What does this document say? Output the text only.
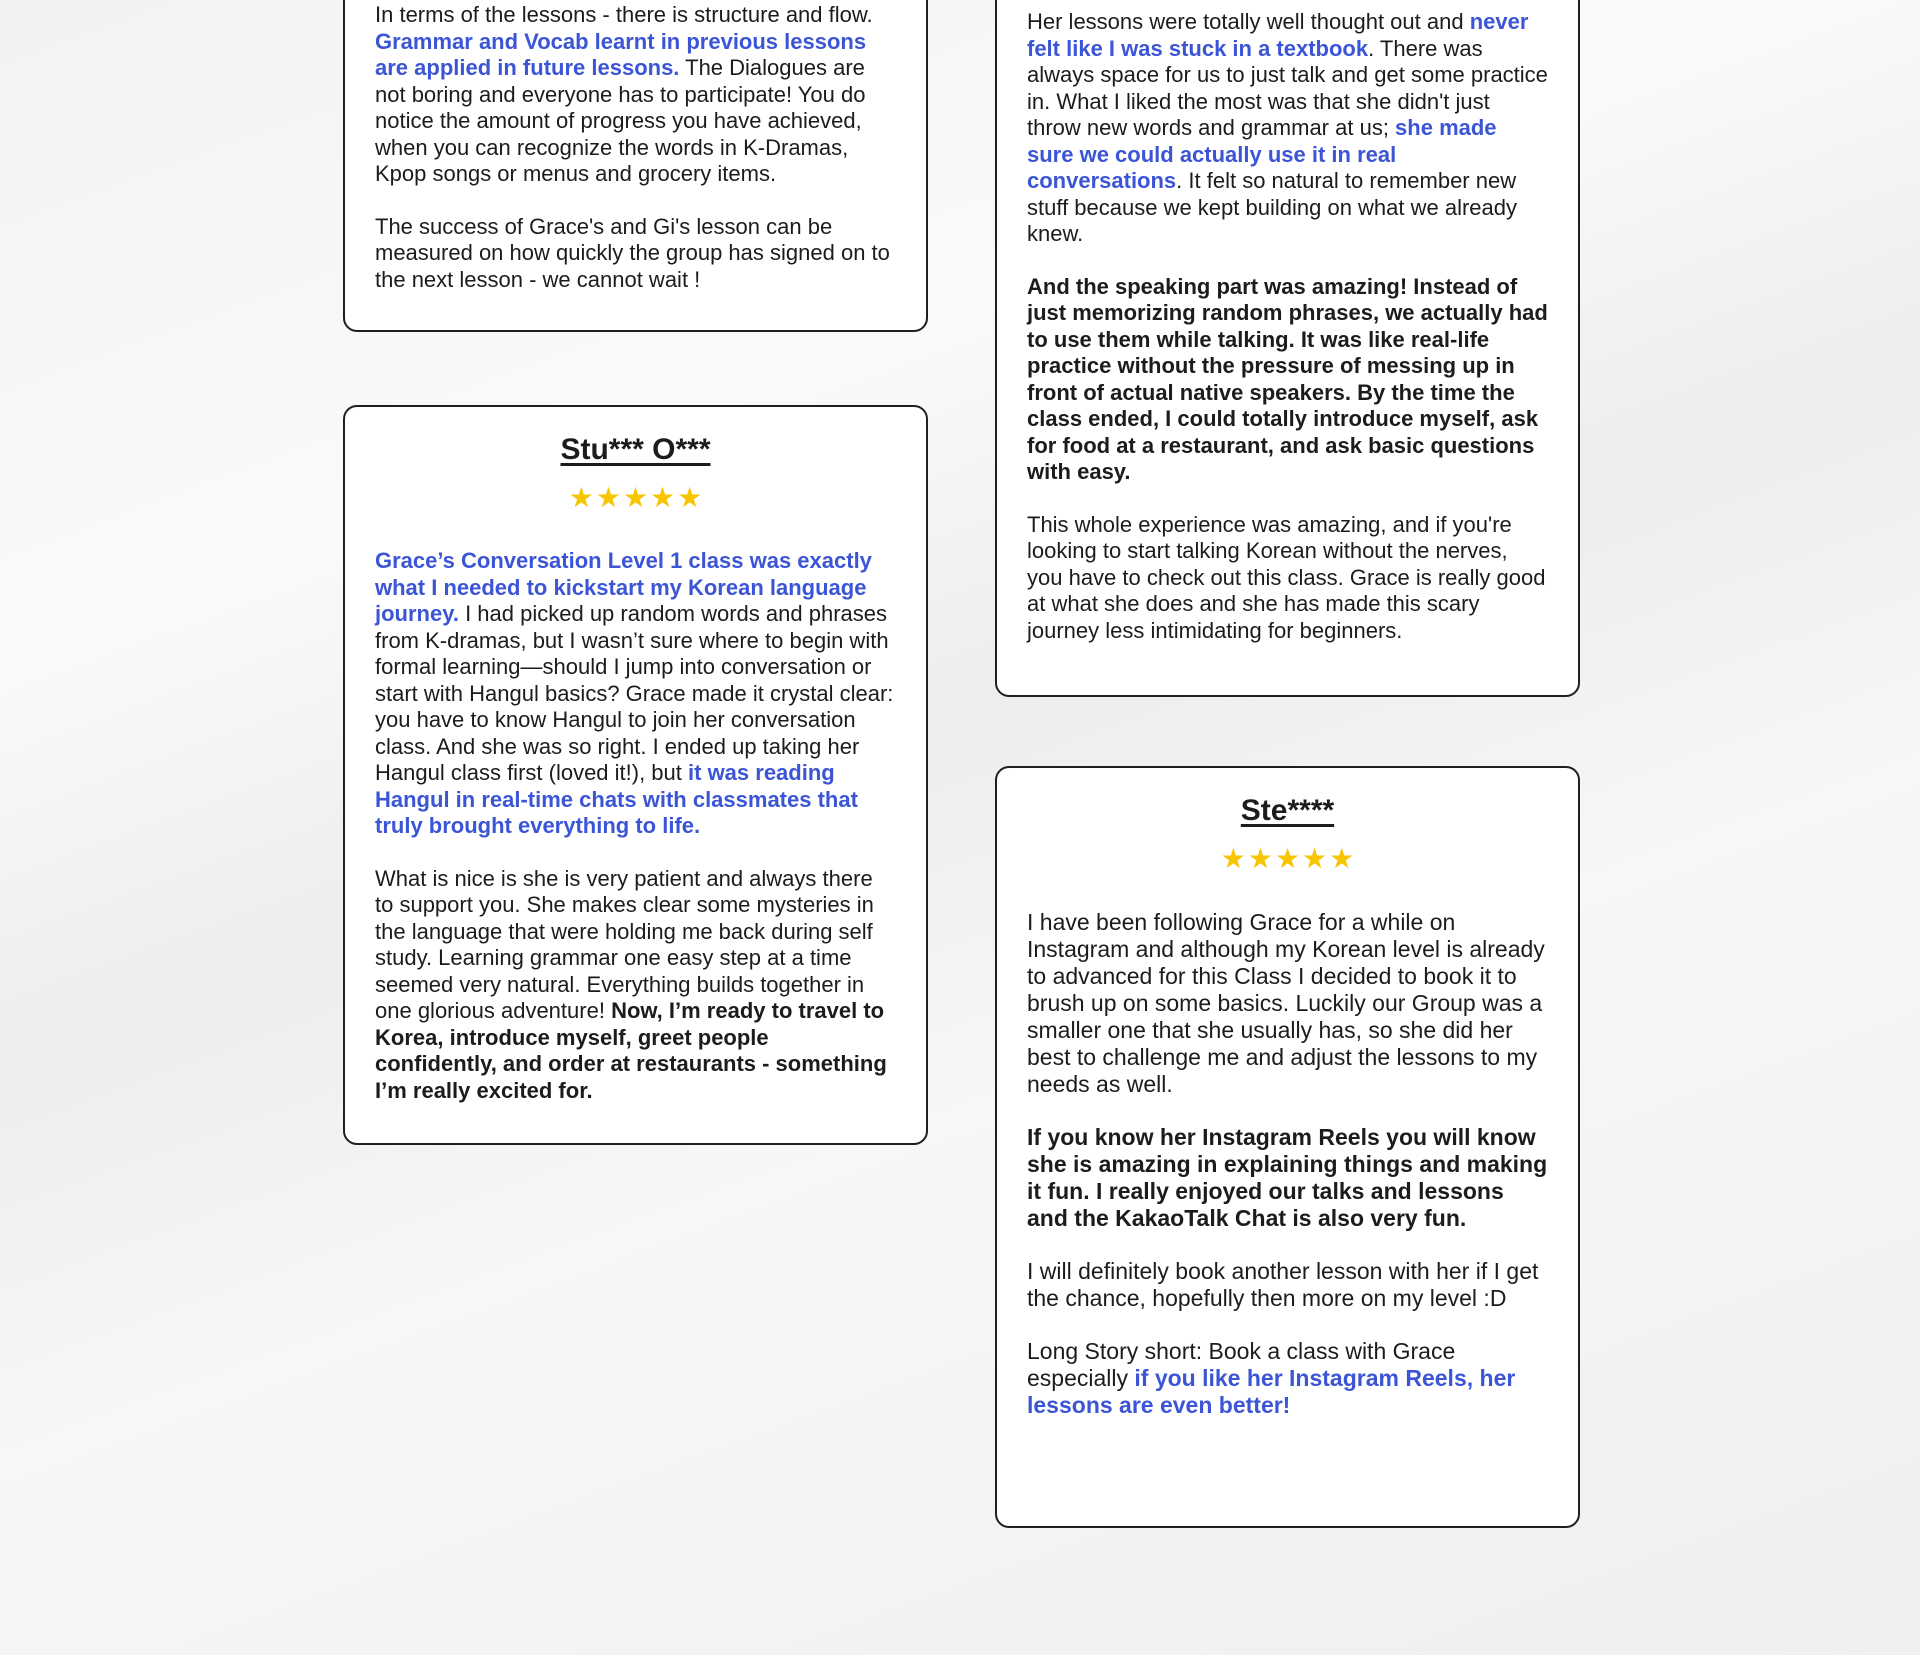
In terms of the lessons - there is structure and flow. Grammar and Vocab learnt in previous lessons are applied in future lessons. The Dialogues are not boring and everyone has to participate! You do notice the amount of progress you have achieved, when you can recognize the words in K-Dramas, Kpop songs or menus and grocery items.

The success of Grace's and Gi's lesson can be measured on how quickly the group has signed on to the next lesson - we cannot wait !

Stu*** O***
★★★★★

Grace’s Conversation Level 1 class was exactly what I needed to kickstart my Korean language journey. I had picked up random words and phrases from K-dramas, but I wasn’t sure where to begin with formal learning—should I jump into conversation or start with Hangul basics? Grace made it crystal clear: you have to know Hangul to join her conversation class. And she was so right. I ended up taking her Hangul class first (loved it!), but it was reading Hangul in real-time chats with classmates that truly brought everything to life.

What is nice is she is very patient and always there to support you. She makes clear some mysteries in the language that were holding me back during self study. Learning grammar one easy step at a time seemed very natural. Everything builds together in one glorious adventure! Now, I’m ready to travel to Korea, introduce myself, greet people confidently, and order at restaurants - something I’m really excited for.

Her lessons were totally well thought out and never felt like I was stuck in a textbook. There was always space for us to just talk and get some practice in. What I liked the most was that she didn't just throw new words and grammar at us; she made sure we could actually use it in real conversations. It felt so natural to remember new stuff because we kept building on what we already knew.

And the speaking part was amazing! Instead of just memorizing random phrases, we actually had to use them while talking. It was like real-life practice without the pressure of messing up in front of actual native speakers. By the time the class ended, I could totally introduce myself, ask for food at a restaurant, and ask basic questions with easy.

This whole experience was amazing, and if you're looking to start talking Korean without the nerves, you have to check out this class. Grace is really good at what she does and she has made this scary journey less intimidating for beginners.

Ste****
★★★★★

I have been following Grace for a while on Instagram and although my Korean level is already to advanced for this Class I decided to book it to brush up on some basics. Luckily our Group was a smaller one that she usually has, so she did her best to challenge me and adjust the lessons to my needs as well.

If you know her Instagram Reels you will know she is amazing in explaining things and making it fun. I really enjoyed our talks and lessons and the KakaoTalk Chat is also very fun.

I will definitely book another lesson with her if I get the chance, hopefully then more on my level :D

Long Story short: Book a class with Grace especially if you like her Instagram Reels, her lessons are even better!
